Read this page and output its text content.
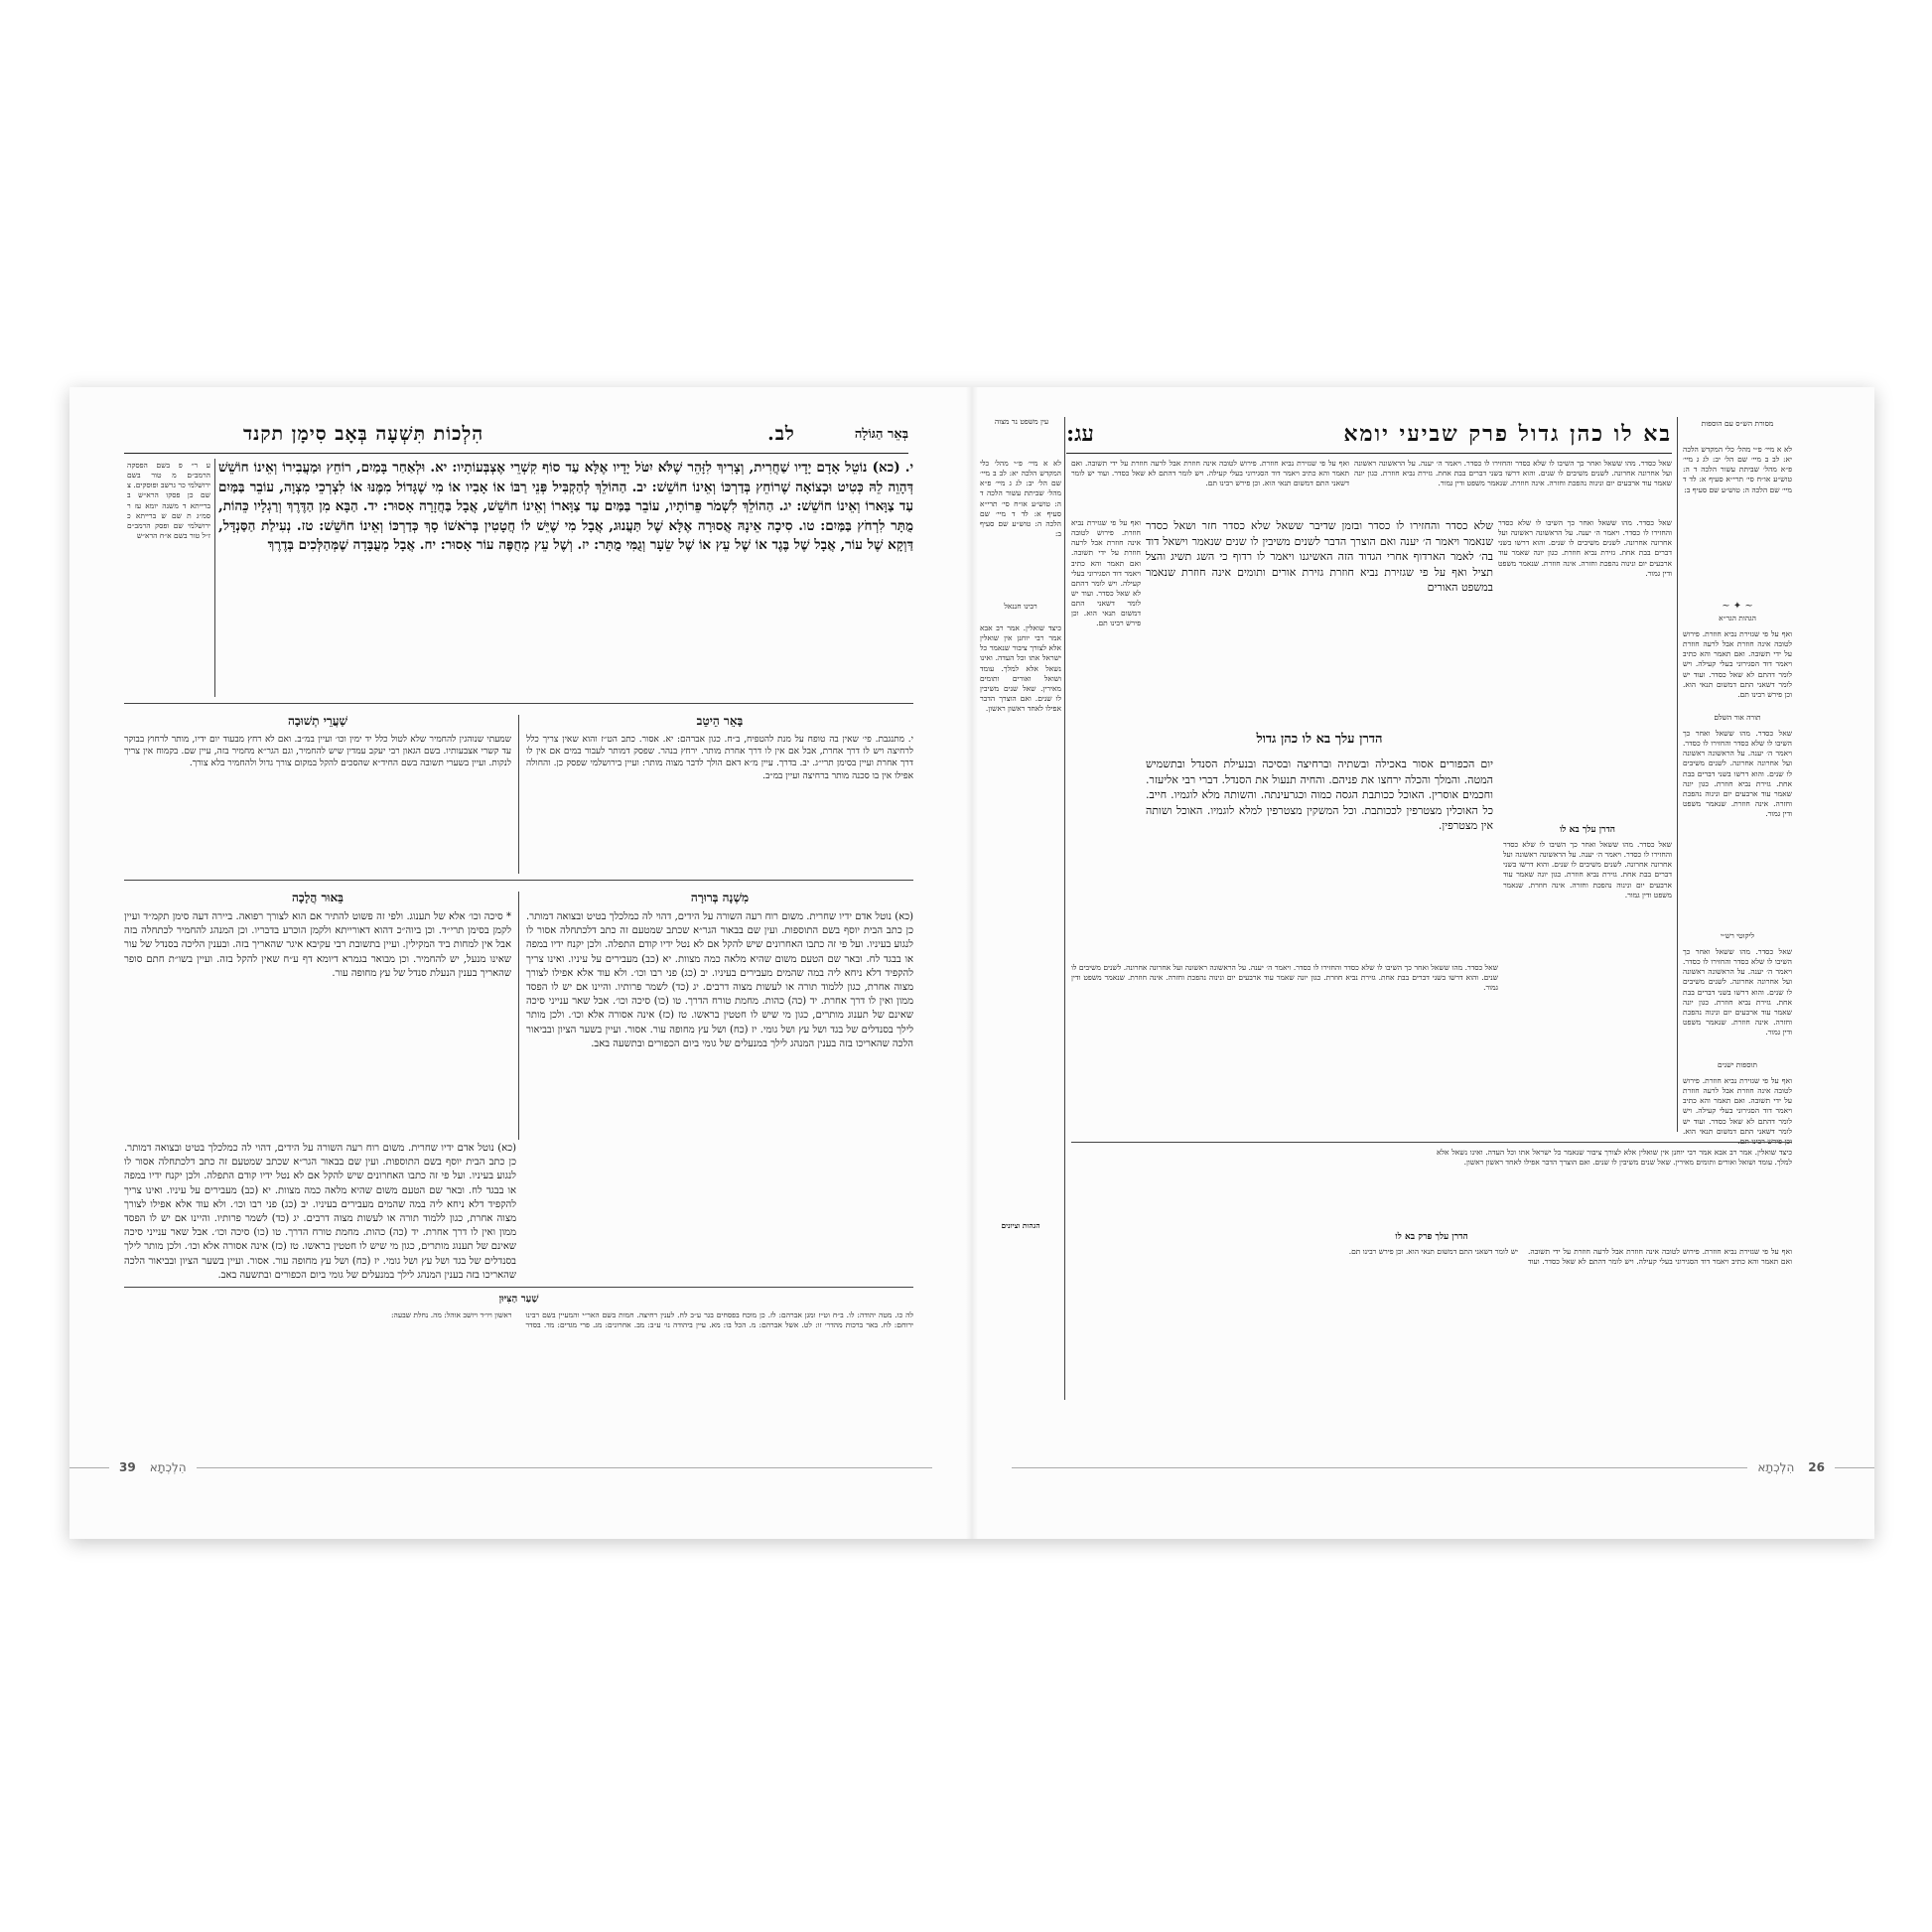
בְּאֵר הַגּוֹלָה
לב.
הִלְכוֹת תִּשְׁעָה בְּאָב סִימָן תקנד
י. (כא) נוֹטֵל אָדָם יָדָיו שַׁחֲרִית, וְצָרִיךְ לִזָּהֵר שֶׁלֹּא יִטֹּל יָדָיו אֶלָּא עַד סוֹף קִשְׁרֵי אֶצְבְּעוֹתָיו: יא. וּלְאַחַר בָּמַיִם, רוֹחֵץ וּמַעֲבִירוֹ וְאֵינוֹ חוֹשֵׁשׁ דְּהָוֵה לֵהּ כְּטִיט וּכְצוֹאָה שֶׁרוֹחֵץ בְּדַרְכּוֹ וְאֵינוֹ חוֹשֵׁשׁ: יב. הַהוֹלֵךְ לְהַקְבִּיל פְּנֵי רַבּוֹ אוֹ אָבִיו אוֹ מִי שֶׁגָּדוֹל מִמֶּנּוּ אוֹ לִצְרְכֵי מִצְוָה, עוֹבֵר בַּמַּיִם עַד צַוָּארוֹ וְאֵינוֹ חוֹשֵׁשׁ: יג. הַהוֹלֵךְ לִשְׁמֹר פֵּרוֹתָיו, עוֹבֵר בַּמַּיִם עַד צַוָּארוֹ וְאֵינוֹ חוֹשֵׁשׁ, אֲבָל בַּחֲזָרָה אָסוּר: יד. הַבָּא מִן הַדֶּרֶךְ וְרַגְלָיו כֵּהוֹת, מֻתָּר לִרְחֹץ בַּמַּיִם: טו. סִיכָה אֵינָהּ אֲסוּרָה אֶלָּא שֶׁל תַּעֲנוּג, אֲבָל מִי שֶׁיֵּשׁ לוֹ חֲטָטִין בְּרֹאשׁוֹ סָךְ כְּדַרְכּוֹ וְאֵינוֹ חוֹשֵׁשׁ: טז. נְעִילַת הַסַּנְדָּל, דַּוְקָא שֶׁל עוֹר, אֲבָל שֶׁל בֶּגֶד אוֹ שֶׁל עֵץ אוֹ שֶׁל שֵׂעָר וְגֻמִּי מֻתָּר: יז. וְשֶׁל עֵץ מְחֻפֶּה עוֹר אָסוּר: יח. אֲבָל מְעֻבָּדָה שֶׁמְּהַלְּכִים בְּדֶרֶךְ
ע ר״ פ בשם הפסקה הרמב״ם מ טור בשם ירושלמי כר גרשב ופוסקים. צ שם כן פסקו הרא״ש ב ברייתא ד משנה יומא עז ר סמ״ג ת שם ש ברייתא כ ירושלמי שם ופסק הרמב״ם ז״ל טור בשם א״ח הרא״ש
בָּאֵר הֵיטֵב
י. מתנגבת. פי׳ שאין בה טופח על מנת להטפיח, ב״ח. כגון אברהם: יא. אסור. כתב הט״ז והוא שאין צריך כלל לרחיצה ויש לו דרך אחרת, אבל אם אין לו דרך אחרת מותר. ירחץ בנהר. שפסק דמותר לעבור במים אם אין לו דרך אחרת ועיין בסימן תרי״ג. יב. בדרך. עיין מ״א דאם הולך לדבר מצוה מותר: ועיין בירושלמי שפסק כן. והחולה אפילו אין בו סכנה מותר ברחיצה ועיין במ״ב.
שַׁעֲרֵי תְשׁוּבָה
שמעתי שנוהגין להחמיר שלא לטול כלל יד ימין וכו׳ ועיין במ״ב. ואם לא רחץ מבעוד יום ידיו, מותר לרחוץ בבוקר עד קשרי אצבעותיו. בשם הגאון רבי יעקב עמדין שיש להחמיר, וגם הגר״א מחמיר בזה, עיין שם. בקמוח אין צריך לנקות. ועיין בשערי תשובה בשם החיד״א שהסכים להקל במקום צורך גדול ולהחמיר בלא צורך.
מִשְׁנָה בְּרוּרָה
(כא) נוטל אדם ידיו שחרית. משום רוח רעה השורה על הידים, דהוי לה כמלכלך בטיט ובצואה דמותר. כן כתב הבית יוסף בשם התוספות. ועין שם בבאור הגר״א שכתב שמטעם זה כתב דלכתחלה אסור לו לנגוע בעיניו. ועל פי זה כתבו האחרונים שיש להקל אם לא נטל ידיו קודם התפלה. ולכן יקנח ידיו במפה או בבגד לח. ובאר שם הטעם משום שהיא מלאה כמה מצוות. יא (כב) מעבירים על עיניו. ואינו צריך להקפיד דלא ניחא ליה במה שהמים מעבירים בעיניו. יב (כג) פני רבו וכו׳. ולא עוד אלא אפילו לצורך מצוה אחרת, כגון ללמוד תורה או לעשות מצוה דרבים. יג (כד) לשמר פרותיו. והיינו אם יש לו הפסד ממון ואין לו דרך אחרת. יד (כה) כהות. מחמת טורח הדרך. טו (כו) סיכה וכו׳. אבל שאר ענייני סיכה שאינם של תענוג מותרים, כגון מי שיש לו חטטין בראשו. טז (כז) אינה אסורה אלא וכו׳. ולכן מותר לילך בסנדלים של בגד ושל עץ ושל גומי. יז (כח) ושל עץ מחופה עור. אסור. ועיין בשער הציון ובביאור הלכה שהאריכו בזה בענין המנהג לילך במנעלים של גומי ביום הכפורים ובתשעה באב.
בֵּאוּר הֲלָכָה
* סיכה וכו׳ אלא של תענוג. ולפי זה פשוט להתיר אם הוא לצורך רפואה. ביירה דעה סימן תקמ״ד ועיין לקמן בסימן תרי״ד. וכן ביוה״כ דהוא דאורייתא ולקמן הוכרע בדבריו. וכן המנהג להחמיר לכתחלה בזה אבל אין למחות ביד המקילין. ועיין בתשובת רבי עקיבא איגר שהאריך בזה. ובענין הליכה בסנדל של עור שאינו מנעל, יש להחמיר. וכן מבואר בגמרא דיומא דף ע״ח שאין להקל בזה. ועיין בשו״ת חתם סופר שהאריך בענין הנעלת סנדל של עץ מחופה עור.
(כא) נוטל אדם ידיו שחרית. משום רוח רעה השורה על הידים, דהוי לה כמלכלך בטיט ובצואה דמותר. כן כתב הבית יוסף בשם התוספות. ועין שם בבאור הגר״א שכתב שמטעם זה כתב דלכתחלה אסור לו לנגוע בעיניו. ועל פי זה כתבו האחרונים שיש להקל אם לא נטל ידיו קודם התפלה. ולכן יקנח ידיו במפה או בבגד לח. ובאר שם הטעם משום שהיא מלאה כמה מצוות. יא (כב) מעבירים על עיניו. ואינו צריך להקפיד דלא ניחא ליה במה שהמים מעבירים בעיניו. יב (כג) פני רבו וכו׳. ולא עוד אלא אפילו לצורך מצוה אחרת, כגון ללמוד תורה או לעשות מצוה דרבים. יג (כד) לשמר פרותיו. והיינו אם יש לו הפסד ממון ואין לו דרך אחרת. יד (כה) כהות. מחמת טורח הדרך. טו (כו) סיכה וכו׳. אבל שאר ענייני סיכה שאינם של תענוג מותרים, כגון מי שיש לו חטטין בראשו. טז (כז) אינה אסורה אלא וכו׳. ולכן מותר לילך בסנדלים של בגד ושל עץ ושל גומי. יז (כח) ושל עץ מחופה עור. אסור. ועיין בשער הציון ובביאור הלכה שהאריכו בזה בענין המנהג לילך במנעלים של גומי ביום הכפורים ובתשעה באב.
שַׁעַר הַצִּיּוּן
לה כו. מטה יהודה: לו. ב״ח וט״ז ומגן אברהם: לז. כן מוכח בפסחים בגר ע״ב לח. לענין רחיצה. חמות בשם האר״י והמעיין בשם רבינו ירוחם: לח. באר ברכות מהדר׳ זו: לט. אשל אברהם: מ. הכל בו: מא. עיין ביהודה נו׳ ע״ב: מב. אחרונים: מג. פרי מגדים: מד. בסדר ראשון ויו״ד ויושב אוהל: מה. נחלת שבעה:
39 הִלְכְתָא
בא לו כהן גדול פרק שביעי יומא
עג:
עין משפט נר מצוה
לא א מיי׳ פ״י מהל׳ כלי המקדש הלכה יא: לב ב מיי׳ שם הל׳ יב: לג ג מיי׳ פ״א מהל׳ שביתת עשור הלכה ד ה: טוש״ע או״ח סי׳ תרי״א סעיף א: לד ד מיי׳ שם הלכה ה: טוש״ע שם סעיף ב:
רבינו חננאל
כיצד שואלין. אמר רב אבא אמר רבי יוחנן אין שואלין אלא לצורך ציבור שנאמר כל ישראל אתו וכל העדה. ואינו נשאל אלא למלך. עומד ושואל ואורים ותומים מאירין. שאל שנים משיבין לו שנים. ואם הוצרך הדבר אפילו לאחד ראשון ראשון.
ואף על פי שגזירת נביא חוזרת. פירוש לטובה אינה חוזרת אבל לרעה חוזרת על ידי תשובה. ואם תאמר והא כתיב ויאמר דוד הסגירוני בעלי קעילה. ויש לומר דהתם לא שאל כסדר. ועוד יש לומר דשאני התם דמשום תנאי הוא. וכן פירש רבינו תם.
שאל כסדר. מהו ששאל ואחר כך השיבו לו שלא כסדר והחזירו לו כסדר. ויאמר ה׳ יענה. על הראשונה ראשונה ועל אחרונה אחרונה. לשנים משיבים לו שנים. והוא דרשו בשני דברים בבת אחת. גזירת נביא חוזרת. כגון יונה שאמר עוד ארבעים יום ונינוה נהפכת וחזרה. אינה חוזרת. שנאמר משפט ודין גמור.
שלא כסדר והחזירו לו כסדר ובזמן שדיבר ששאל שלא כסדר חזר ושאל כסדר שנאמר ויאמר ה׳ יענה ואם הוצרך הדבר לשנים משיבין לו שנים שנאמר וישאל דוד בה׳ לאמר הארדוף אחרי הגדוד הזה האשיגנו ויאמר לו רדוף כי השג תשיג והצל תציל ואף על פי שגזירת נביא חוזרת גזירת אורים ותומים אינה חוזרת שנאמר במשפט האורים
ואף על פי שגזירת נביא חוזרת. פירוש לטובה אינה חוזרת אבל לרעה חוזרת על ידי תשובה. ואם תאמר והא כתיב ויאמר דוד הסגירוני בעלי קעילה. ויש לומר דהתם לא שאל כסדר. ועוד יש לומר דשאני התם דמשום תנאי הוא. וכן פירש רבינו תם.
שאל כסדר. מהו ששאל ואחר כך השיבו לו שלא כסדר והחזירו לו כסדר. ויאמר ה׳ יענה. על הראשונה ראשונה ועל אחרונה אחרונה. לשנים משיבים לו שנים. והוא דרשו בשני דברים בבת אחת. גזירת נביא חוזרת. כגון יונה שאמר עוד ארבעים יום ונינוה נהפכת וחזרה. אינה חוזרת. שנאמר משפט ודין גמור.
הדרן עלך בא לו כהן גדול
יום הכפורים אסור באכילה ובשתיה וברחיצה ובסיכה ובנעילת הסנדל ובתשמיש המטה. והמלך והכלה ירחצו את פניהם. והחיה תנעול את הסנדל. דברי רבי אליעזר. וחכמים אוסרין. האוכל ככותבת הגסה כמוה וכגרעינתה. והשותה מלא לוגמיו. חייב. כל האוכלין מצטרפין לככותבת. וכל המשקין מצטרפין למלא לוגמיו. האוכל ושותה אין מצטרפין.
שאל כסדר. מהו ששאל ואחר כך השיבו לו שלא כסדר והחזירו לו כסדר. ויאמר ה׳ יענה. על הראשונה ראשונה ועל אחרונה אחרונה. לשנים משיבים לו שנים. והוא דרשו בשני דברים בבת אחת. גזירת נביא חוזרת. כגון יונה שאמר עוד ארבעים יום ונינוה נהפכת וחזרה. אינה חוזרת. שנאמר משפט ודין גמור.
מסורת הש״ס עם הוספות
לא א מיי׳ פ״י מהל׳ כלי המקדש הלכה יא: לב ב מיי׳ שם הל׳ יב: לג ג מיי׳ פ״א מהל׳ שביתת עשור הלכה ד ה: טוש״ע או״ח סי׳ תרי״א סעיף א: לד ד מיי׳ שם הלכה ה: טוש״ע שם סעיף ב:
~ ✦ ~
הגהות הגר״א
ואף על פי שגזירת נביא חוזרת. פירוש לטובה אינה חוזרת אבל לרעה חוזרת על ידי תשובה. ואם תאמר והא כתיב ויאמר דוד הסגירוני בעלי קעילה. ויש לומר דהתם לא שאל כסדר. ועוד יש לומר דשאני התם דמשום תנאי הוא. וכן פירש רבינו תם.
תורה אור השלם
שאל כסדר. מהו ששאל ואחר כך השיבו לו שלא כסדר והחזירו לו כסדר. ויאמר ה׳ יענה. על הראשונה ראשונה ועל אחרונה אחרונה. לשנים משיבים לו שנים. והוא דרשו בשני דברים בבת אחת. גזירת נביא חוזרת. כגון יונה שאמר עוד ארבעים יום ונינוה נהפכת וחזרה. אינה חוזרת. שנאמר משפט ודין גמור.
ליקוטי רש״י
שאל כסדר. מהו ששאל ואחר כך השיבו לו שלא כסדר והחזירו לו כסדר. ויאמר ה׳ יענה. על הראשונה ראשונה ועל אחרונה אחרונה. לשנים משיבים לו שנים. והוא דרשו בשני דברים בבת אחת. גזירת נביא חוזרת. כגון יונה שאמר עוד ארבעים יום ונינוה נהפכת וחזרה. אינה חוזרת. שנאמר משפט ודין גמור.
תוספות ישנים
ואף על פי שגזירת נביא חוזרת. פירוש לטובה אינה חוזרת אבל לרעה חוזרת על ידי תשובה. ואם תאמר והא כתיב ויאמר דוד הסגירוני בעלי קעילה. ויש לומר דהתם לא שאל כסדר. ועוד יש לומר דשאני התם דמשום תנאי הוא. וכן פירש רבינו תם.
הדרן עלך בא לו
שאל כסדר. מהו ששאל ואחר כך השיבו לו שלא כסדר והחזירו לו כסדר. ויאמר ה׳ יענה. על הראשונה ראשונה ועל אחרונה אחרונה. לשנים משיבים לו שנים. והוא דרשו בשני דברים בבת אחת. גזירת נביא חוזרת. כגון יונה שאמר עוד ארבעים יום ונינוה נהפכת וחזרה. אינה חוזרת. שנאמר משפט ודין גמור.
כיצד שואלין. אמר רב אבא אמר רבי יוחנן אין שואלין אלא לצורך ציבור שנאמר כל ישראל אתו וכל העדה. ואינו נשאל אלא למלך. עומד ושואל ואורים ותומים מאירין. שאל שנים משיבין לו שנים. ואם הוצרך הדבר אפילו לאחד ראשון ראשון.
הגהות וציונים
הדרן עלך פרק בא לו
ואף על פי שגזירת נביא חוזרת. פירוש לטובה אינה חוזרת אבל לרעה חוזרת על ידי תשובה. ואם תאמר והא כתיב ויאמר דוד הסגירוני בעלי קעילה. ויש לומר דהתם לא שאל כסדר. ועוד יש לומר דשאני התם דמשום תנאי הוא. וכן פירש רבינו תם.
הִלְכְתָא 26
